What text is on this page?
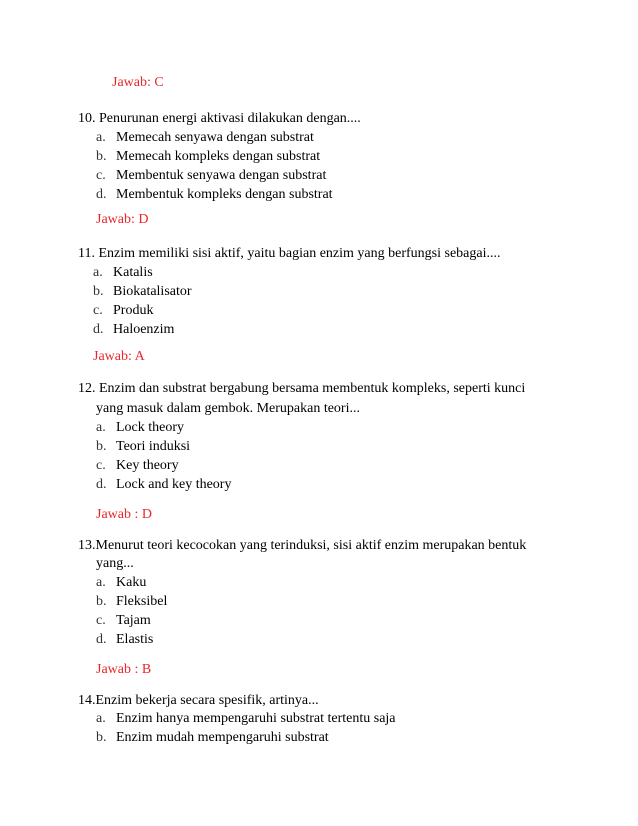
Jawab: C
10. Penurunan energi aktivasi dilakukan dengan....
a. Memecah senyawa dengan substrat
b. Memecah kompleks dengan substrat
c. Membentuk senyawa dengan substrat
d. Membentuk kompleks dengan substrat
Jawab: D
11. Enzim memiliki sisi aktif, yaitu bagian enzim yang berfungsi sebagai....
a. Katalis
b. Biokatalisator
c. Produk
d. Haloenzim
Jawab: A
12. Enzim dan substrat bergabung bersama membentuk kompleks, seperti kunci
yang masuk dalam gembok. Merupakan teori...
a. Lock theory
b. Teori induksi
c. Key theory
d. Lock and key theory
Jawab : D
13.Menurut teori kecocokan yang terinduksi, sisi aktif enzim merupakan bentuk
yang...
a. Kaku
b. Fleksibel
c. Tajam
d. Elastis
Jawab : B
14.Enzim bekerja secara spesifik, artinya...
a. Enzim hanya mempengaruhi substrat tertentu saja
b. Enzim mudah mempengaruhi substrat
